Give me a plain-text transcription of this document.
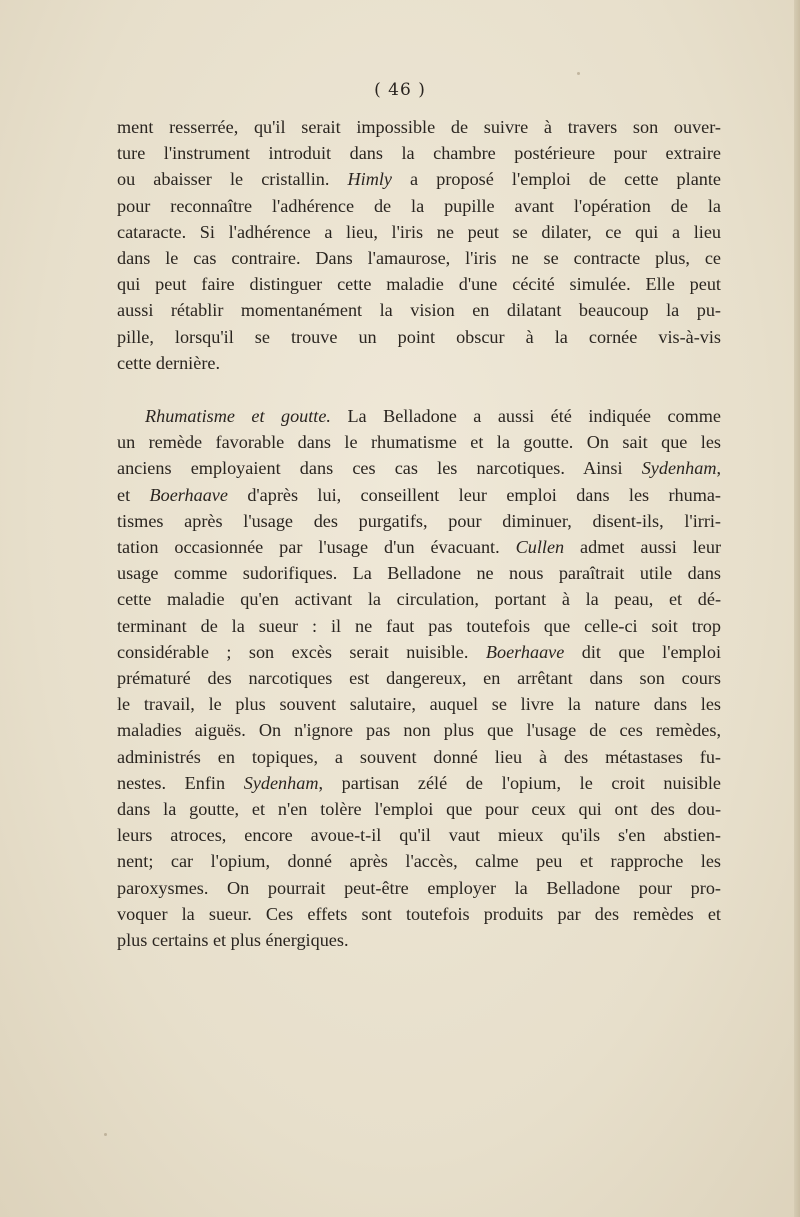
( 46 )
ment resserrée, qu'il serait impossible de suivre à travers son ouver-
ture l'instrument introduit dans la chambre postérieure pour extraire
ou abaisser le cristallin. Himly a proposé l'emploi de cette plante
pour reconnaître l'adhérence de la pupille avant l'opération de la
cataracte. Si l'adhérence a lieu, l'iris ne peut se dilater, ce qui a lieu
dans le cas contraire. Dans l'amaurose, l'iris ne se contracte plus, ce
qui peut faire distinguer cette maladie d'une cécité simulée. Elle peut
aussi rétablir momentanément la vision en dilatant beaucoup la pu-
pille, lorsqu'il se trouve un point obscur à la cornée vis-à-vis
cette dernière.
Rhumatisme et goutte. La Belladone a aussi été indiquée comme
un remède favorable dans le rhumatisme et la goutte. On sait que les
anciens employaient dans ces cas les narcotiques. Ainsi Sydenham,
et Boerhaave d'après lui, conseillent leur emploi dans les rhuma-
tismes après l'usage des purgatifs, pour diminuer, disent-ils, l'irri-
tation occasionnée par l'usage d'un évacuant. Cullen admet aussi leur
usage comme sudorifiques. La Belladone ne nous paraîtrait utile dans
cette maladie qu'en activant la circulation, portant à la peau, et dé-
terminant de la sueur : il ne faut pas toutefois que celle-ci soit trop
considérable ; son excès serait nuisible. Boerhaave dit que l'emploi
prématuré des narcotiques est dangereux, en arrêtant dans son cours
le travail, le plus souvent salutaire, auquel se livre la nature dans les
maladies aiguës. On n'ignore pas non plus que l'usage de ces remèdes,
administrés en topiques, a souvent donné lieu à des métastases fu-
nestes. Enfin Sydenham, partisan zélé de l'opium, le croit nuisible
dans la goutte, et n'en tolère l'emploi que pour ceux qui ont des dou-
leurs atroces, encore avoue-t-il qu'il vaut mieux qu'ils s'en abstien-
nent; car l'opium, donné après l'accès, calme peu et rapproche les
paroxysmes. On pourrait peut-être employer la Belladone pour pro-
voquer la sueur. Ces effets sont toutefois produits par des remèdes et
plus certains et plus énergiques.
